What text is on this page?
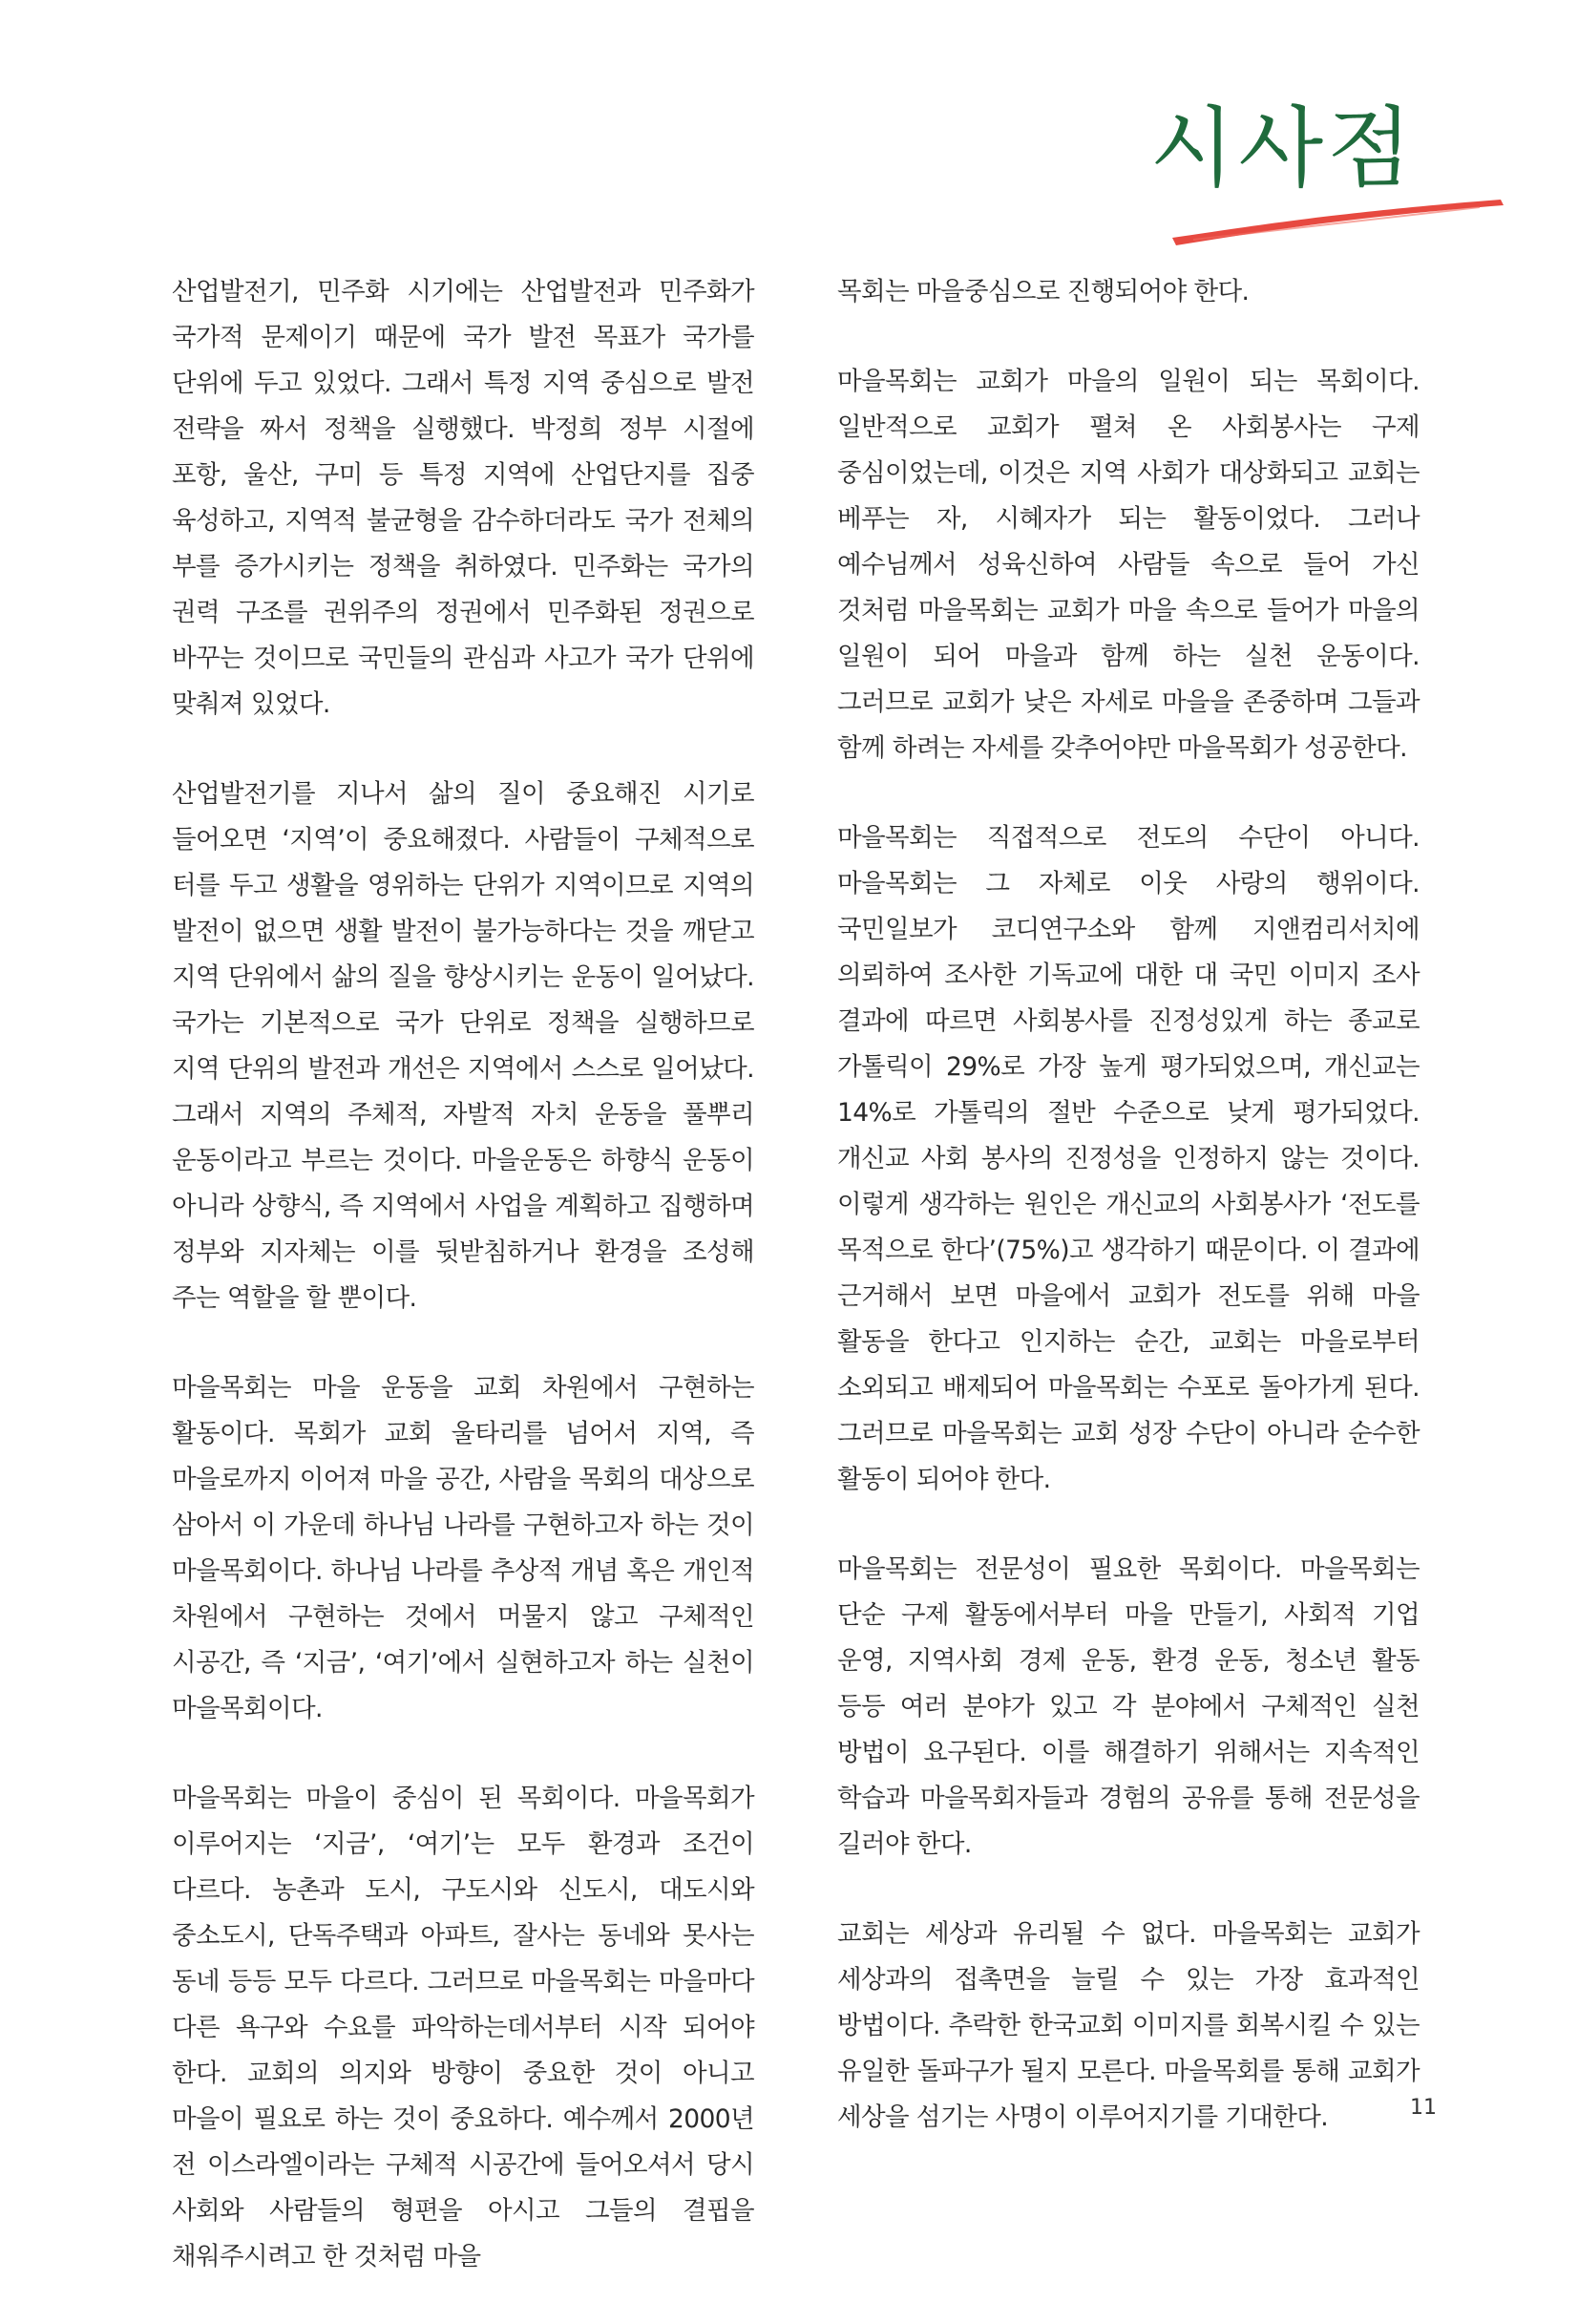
시사점

산업발전기, 민주화 시기에는 산업발전과 민주화가 국가적 문제이기 때문에 국가 발전 목표가 국가를 단위에 두고 있었다. 그래서 특정 지역 중심으로 발전 전략을 짜서 정책을 실행했다. 박정희 정부 시절에 포항, 울산, 구미 등 특정 지역에 산업단지를 집중 육성하고, 지역적 불균형을 감수하더라도 국가 전체의 부를 증가시키는 정책을 취하였다. 민주화는 국가의 권력 구조를 권위주의 정권에서 민주화된 정권으로 바꾸는 것이므로 국민들의 관심과 사고가 국가 단위에 맞춰져 있었다.

산업발전기를 지나서 삶의 질이 중요해진 시기로 들어오면 ‘지역’이 중요해졌다. 사람들이 구체적으로 터를 두고 생활을 영위하는 단위가 지역이므로 지역의 발전이 없으면 생활 발전이 불가능하다는 것을 깨닫고 지역 단위에서 삶의 질을 향상시키는 운동이 일어났다. 국가는 기본적으로 국가 단위로 정책을 실행하므로 지역 단위의 발전과 개선은 지역에서 스스로 일어났다. 그래서 지역의 주체적, 자발적 자치 운동을 풀뿌리 운동이라고 부르는 것이다. 마을운동은 하향식 운동이 아니라 상향식, 즉 지역에서 사업을 계획하고 집행하며 정부와 지자체는 이를 뒷받침하거나 환경을 조성해 주는 역할을 할 뿐이다.

마을목회는 마을 운동을 교회 차원에서 구현하는 활동이다. 목회가 교회 울타리를 넘어서 지역, 즉 마을로까지 이어져 마을 공간, 사람을 목회의 대상으로 삼아서 이 가운데 하나님 나라를 구현하고자 하는 것이 마을목회이다. 하나님 나라를 추상적 개념 혹은 개인적 차원에서 구현하는 것에서 머물지 않고 구체적인 시공간, 즉 ‘지금’, ‘여기’에서 실현하고자 하는 실천이 마을목회이다.

마을목회는 마을이 중심이 된 목회이다. 마을목회가 이루어지는 ‘지금’, ‘여기’는 모두 환경과 조건이 다르다. 농촌과 도시, 구도시와 신도시, 대도시와 중소도시, 단독주택과 아파트, 잘사는 동네와 못사는 동네 등등 모두 다르다. 그러므로 마을목회는 마을마다 다른 욕구와 수요를 파악하는데서부터 시작 되어야 한다. 교회의 의지와 방향이 중요한 것이 아니고 마을이 필요로 하는 것이 중요하다. 예수께서 2000년 전 이스라엘이라는 구체적 시공간에 들어오셔서 당시 사회와 사람들의 형편을 아시고 그들의 결핍을 채워주시려고 한 것처럼 마을

목회는 마을중심으로 진행되어야 한다.

마을목회는 교회가 마을의 일원이 되는 목회이다. 일반적으로 교회가 펼쳐 온 사회봉사는 구제 중심이었는데, 이것은 지역 사회가 대상화되고 교회는 베푸는 자, 시혜자가 되는 활동이었다. 그러나 예수님께서 성육신하여 사람들 속으로 들어 가신 것처럼 마을목회는 교회가 마을 속으로 들어가 마을의 일원이 되어 마을과 함께 하는 실천 운동이다. 그러므로 교회가 낮은 자세로 마을을 존중하며 그들과 함께 하려는 자세를 갖추어야만 마을목회가 성공한다.

마을목회는 직접적으로 전도의 수단이 아니다. 마을목회는 그 자체로 이웃 사랑의 행위이다. 국민일보가 코디연구소와 함께 지앤컴리서치에 의뢰하여 조사한 기독교에 대한 대 국민 이미지 조사 결과에 따르면 사회봉사를 진정성있게 하는 종교로 가톨릭이 29%로 가장 높게 평가되었으며, 개신교는 14%로 가톨릭의 절반 수준으로 낮게 평가되었다. 개신교 사회 봉사의 진정성을 인정하지 않는 것이다. 이렇게 생각하는 원인은 개신교의 사회봉사가 ‘전도를 목적으로 한다’(75%)고 생각하기 때문이다. 이 결과에 근거해서 보면 마을에서 교회가 전도를 위해 마을 활동을 한다고 인지하는 순간, 교회는 마을로부터 소외되고 배제되어 마을목회는 수포로 돌아가게 된다. 그러므로 마을목회는 교회 성장 수단이 아니라 순수한 활동이 되어야 한다.

마을목회는 전문성이 필요한 목회이다. 마을목회는 단순 구제 활동에서부터 마을 만들기, 사회적 기업 운영, 지역사회 경제 운동, 환경 운동, 청소년 활동 등등 여러 분야가 있고 각 분야에서 구체적인 실천 방법이 요구된다. 이를 해결하기 위해서는 지속적인 학습과 마을목회자들과 경험의 공유를 통해 전문성을 길러야 한다.

교회는 세상과 유리될 수 없다. 마을목회는 교회가 세상과의 접촉면을 늘릴 수 있는 가장 효과적인 방법이다. 추락한 한국교회 이미지를 회복시킬 수 있는 유일한 돌파구가 될지 모른다. 마을목회를 통해 교회가 세상을 섬기는 사명이 이루어지기를 기대한다.	11
